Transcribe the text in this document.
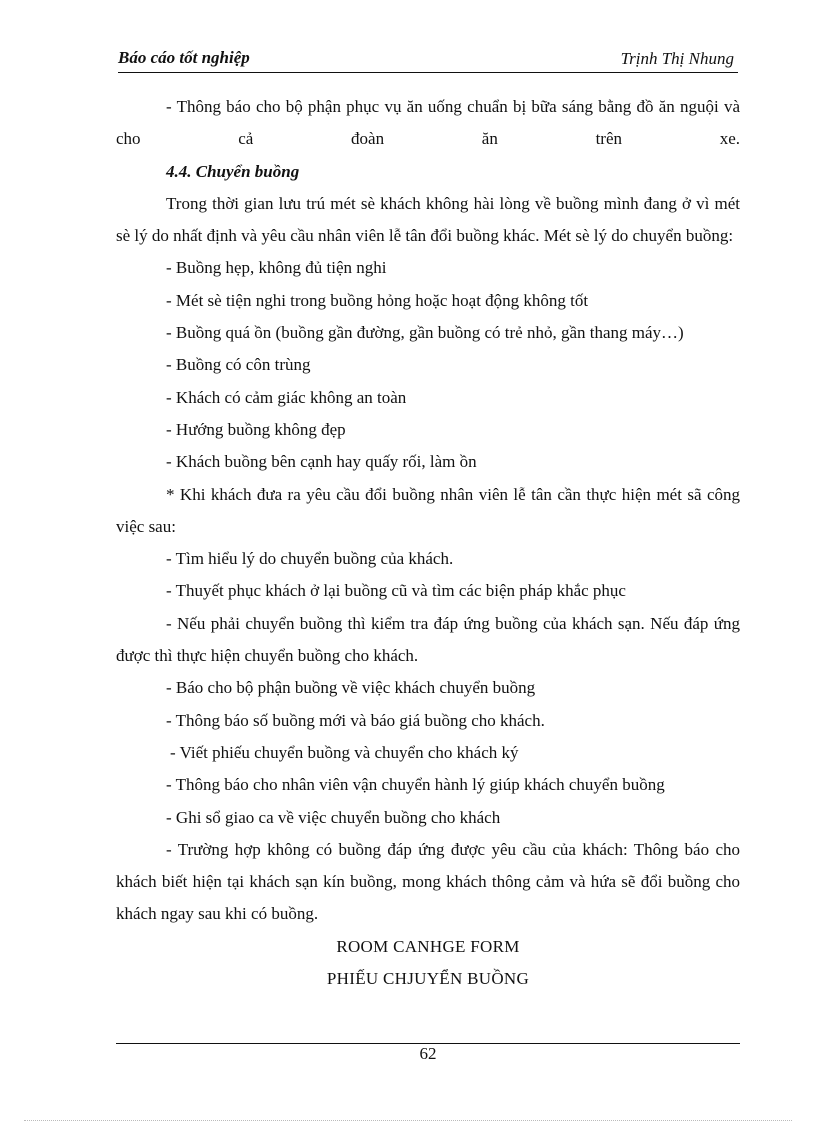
Báo cáo tốt nghiệp	Trịnh Thị Nhung

- Thông báo cho bộ phận phục vụ ăn uống chuẩn bị bữa sáng bằng đồ ăn nguội và cho cả đoàn ăn trên xe.

4.4. Chuyển buồng

Trong thời gian lưu trú mét sè khách không hài lòng về buồng mình đang ở vì mét sè lý do nhất định và yêu cầu nhân viên lễ tân đổi buồng khác. Mét sè lý do chuyển buồng:

- Buồng hẹp, không đủ tiện nghi

- Mét sè tiện nghi trong buồng hỏng hoặc hoạt động không tốt

- Buồng quá ồn (buồng gần đường, gần buồng có trẻ nhỏ, gần thang máy…)

- Buồng có côn trùng

- Khách có cảm giác không an toàn

- Hướng buồng không đẹp

- Khách buồng bên cạnh hay quấy rối, làm ồn

* Khi khách đưa ra yêu cầu đổi buồng nhân viên lễ tân cần thực hiện mét sã công việc sau:

- Tìm hiểu lý do chuyển buồng của khách.

- Thuyết phục khách ở lại buồng cũ và tìm các biện pháp khắc phục

- Nếu phải chuyển buồng thì kiểm tra đáp ứng buồng của khách sạn. Nếu đáp ứng được thì thực hiện chuyển buồng cho khách.

- Báo cho bộ phận buồng về việc khách chuyển buồng

- Thông báo số buồng mới và báo giá buồng cho khách.

- Viết phiếu chuyển buồng và chuyển cho khách ký

- Thông báo cho nhân viên vận chuyển hành lý giúp khách chuyển buồng

- Ghi sổ giao ca về việc chuyển buồng cho khách

- Trường hợp không có buồng đáp ứng được yêu cầu của khách: Thông báo cho khách biết hiện tại khách sạn kín buồng, mong khách thông cảm và hứa sẽ đổi buồng cho khách ngay sau khi có buồng.

ROOM CANHGE FORM

PHIẾU CHJUYỂN BUỒNG

62
